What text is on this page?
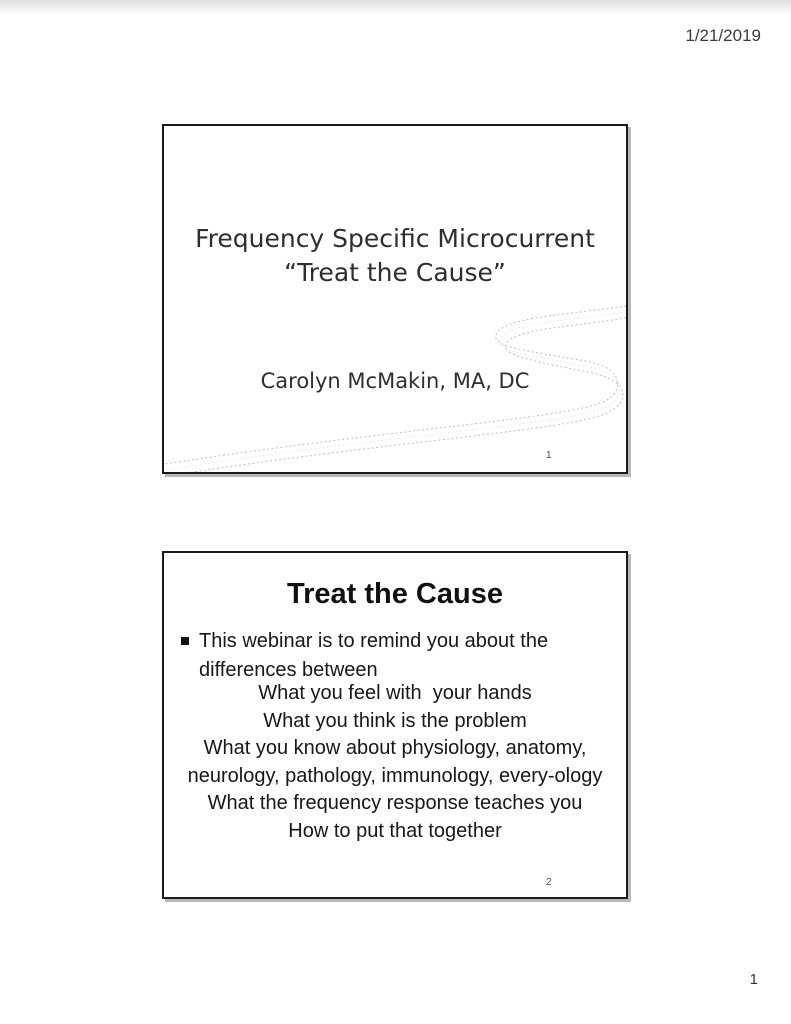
1/21/2019
Frequency Specific Microcurrent
“Treat the Cause”
Carolyn McMakin, MA, DC
1
Treat the Cause
This webinar is to remind you about the
differences between
What you feel with  your hands
What you think is the problem
What you know about physiology, anatomy,
neurology, pathology, immunology, every-ology
What the frequency response teaches you
How to put that together
2
1
